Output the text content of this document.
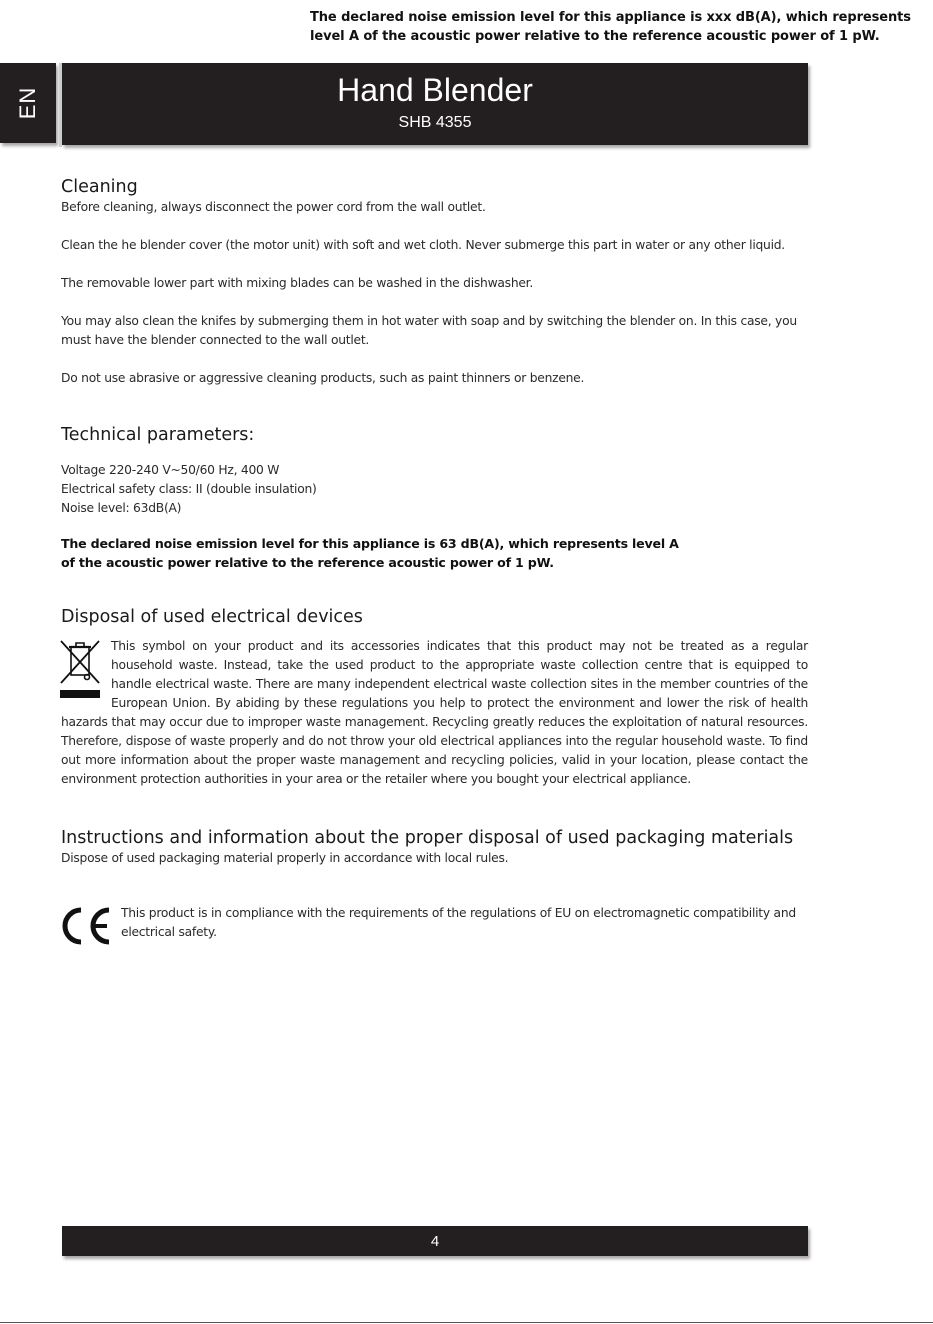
The declared noise emission level for this appliance is xxx dB(A), which represents level A of the acoustic power relative to the reference acoustic power of 1 pW.
EN	Hand Blender
SHB 4355
Cleaning

Before cleaning, always disconnect the power cord from the wall outlet.

Clean the he blender cover (the motor unit) with soft and wet cloth. Never submerge this part in water or any other liquid.

The removable lower part with mixing blades can be washed in the dishwasher.

You may also clean the knifes by submerging them in hot water with soap and by switching the blender on. In this case, you must have the blender connected to the wall outlet.

Do not use abrasive or aggressive cleaning products, such as paint thinners or benzene.

Technical parameters:

Voltage 220-240 V~50/60 Hz, 400 W

Electrical safety class: II (double insulation)

Noise level: 63dB(A)

The declared noise emission level for this appliance is 63 dB(A), which represents level A of the acoustic power relative to the reference acoustic power of 1 pW.

Disposal of used electrical devices

This symbol on your product and its accessories indicates that this product may not be treated as a regular household waste. Instead, take the used product to the appropriate waste collection centre that is equipped to handle electrical waste. There are many independent electrical waste collection sites in the member countries of the European Union. By abiding by these regulations you help to protect the environment and lower the risk of health hazards that may occur due to improper waste management. Recycling greatly reduces the exploitation of natural resources. Therefore, dispose of waste properly and do not throw your old electrical appliances into the regular household waste. To find out more information about the proper waste management and recycling policies, valid in your location, please contact the environment protection authorities in your area or the retailer where you bought your electrical appliance.

Instructions and information about the proper disposal of used packaging materials

Dispose of used packaging material properly in accordance with local rules.

This product is in compliance with the requirements of the regulations of EU on electromagnetic compatibility and electrical safety.

4
